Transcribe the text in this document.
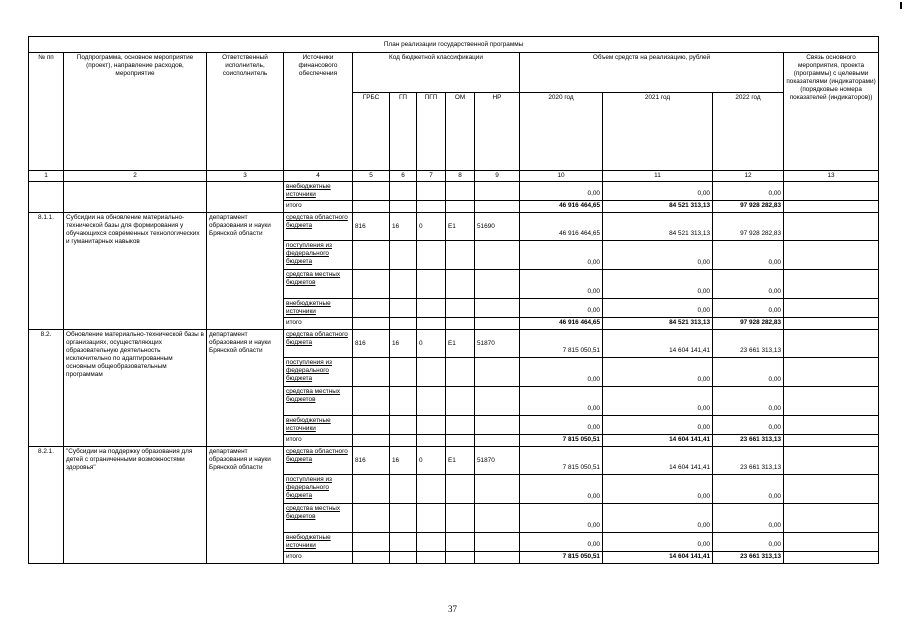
План реализации государственной программы												
№ пп	Подпрограмма, основное мероприятие (проект), направление расходов, мероприятие	Ответственный исполнитель, соисполнитель	Источники финансового обеспечения	Код бюджетной классификации					Объем средств на реализацию, рублей			Связь основного мероприятия, проекта (программы) с целевыми показателями (индикаторами) (порядковые номера показателей (индикаторов))
				ГРБС	ГП	ПГП	ОМ	НР	2020 год	2021 год	2022 год	
1	2	3	4	5	6	7	8	9	10	11	12	13
			внебюджетные источники						0,00	0,00	0,00	
			итого						46 916 464,65	84 521 313,13	97 928 282,83	
8.1.1.	Субсидии на обновление материально-технической базы для формирования у обучающихся современных технологических и гуманитарных навыков	департамент образования и науки Брянской области	средства областного бюджета	816	16	0	E1	51690	46 916 464,65	84 521 313,13	97 928 282,83	
			поступления из федерального бюджета						0,00	0,00	0,00	
			средства местных бюджетов						0,00	0,00	0,00	
			внебюджетные источники						0,00	0,00	0,00	
			итого						46 916 464,65	84 521 313,13	97 928 282,83	
8.2.	Обновление материально-технической базы в организациях, осуществляющих образовательную деятельность исключительно по адаптированным основным общеобразовательным программам	департамент образования и науки Брянской области	средства областного бюджета	816	16	0	E1	51870	7 815 050,51	14 604 141,41	23 661 313,13	
			поступления из федерального бюджета						0,00	0,00	0,00	
			средства местных бюджетов						0,00	0,00	0,00	
			внебюджетные источники						0,00	0,00	0,00	
			итого						7 815 050,51	14 604 141,41	23 661 313,13	
8.2.1.	"Субсидии на поддержку образования для детей с ограниченными возможностями здоровья"	департамент образования и науки Брянской области	средства областного бюджета	816	16	0	E1	51870	7 815 050,51	14 604 141,41	23 661 313,13	
			поступления из федерального бюджета						0,00	0,00	0,00	
			средства местных бюджетов						0,00	0,00	0,00	
			внебюджетные источники						0,00	0,00	0,00	
			итого						7 815 050,51	14 604 141,41	23 661 313,13	
37
